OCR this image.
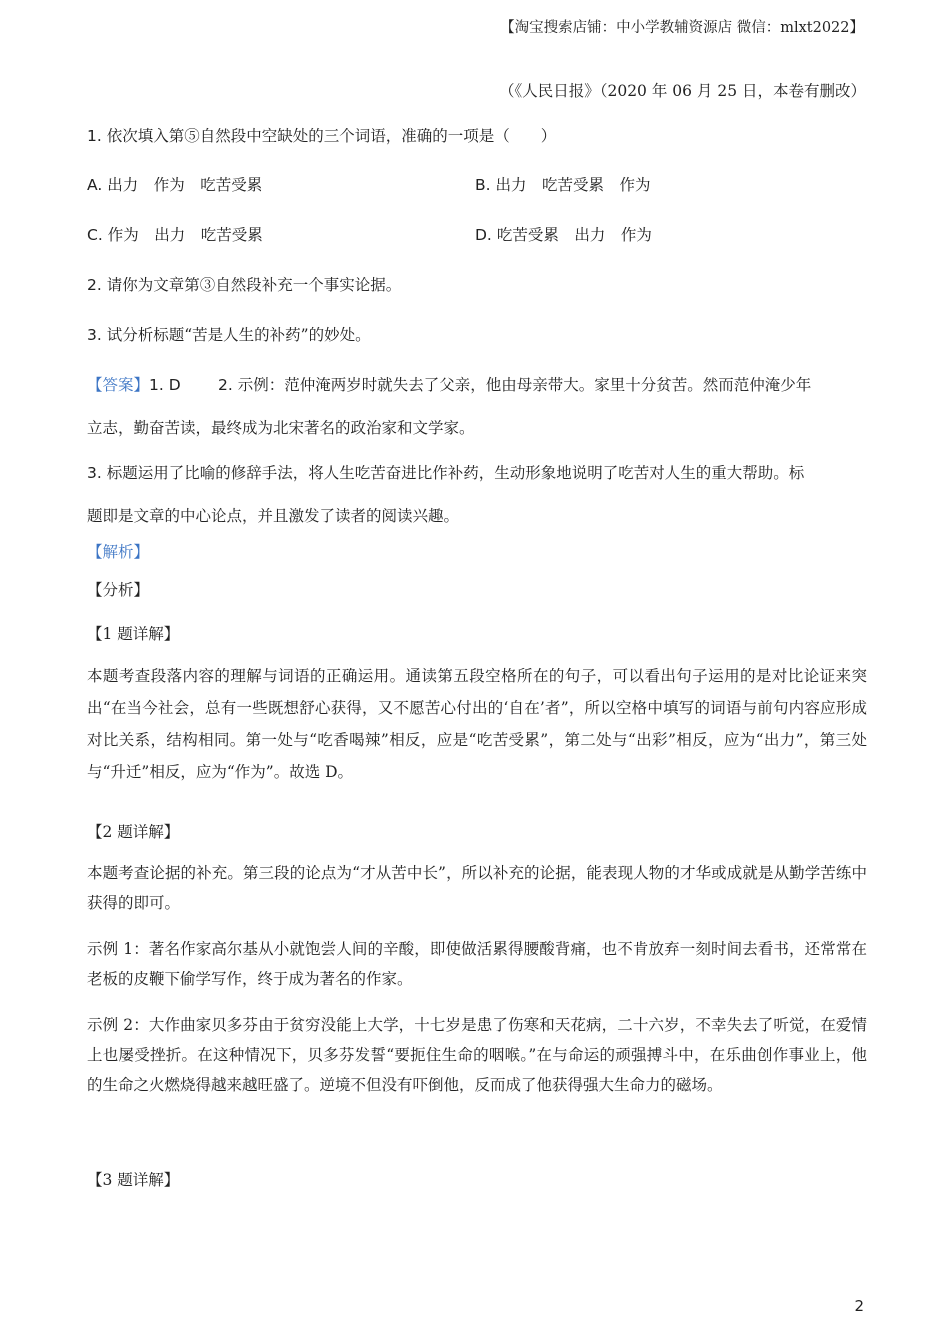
【淘宝搜索店铺：中小学教辅资源店 微信：mlxt2022】
（《人民日报》（2020 年 06 月 25 日，本卷有删改）
1. 依次填入第⑤自然段中空缺处的三个词语，准确的一项是（　　）
A. 出力　作为　吃苦受累	B. 出力　吃苦受累　作为
C. 作为　出力　吃苦受累	D. 吃苦受累　出力　作为
2. 请你为文章第③自然段补充一个事实论据。
3. 试分析标题“苦是人生的补药”的妙处。
【答案】1. D 2. 示例：范仲淹两岁时就失去了父亲，他由母亲带大。家里十分贫苦。然而范仲淹少年
立志，勤奋苦读，最终成为北宋著名的政治家和文学家。
3. 标题运用了比喻的修辞手法，将人生吃苦奋进比作补药，生动形象地说明了吃苦对人生的重大帮助。标
题即是文章的中心论点，并且激发了读者的阅读兴趣。
【解析】
【分析】
【1 题详解】
本题考查段落内容的理解与词语的正确运用。通读第五段空格所在的句子，可以看出句子运用的是对比论证来突出“在当今社会，总有一些既想舒心获得，又不愿苦心付出的‘自在’者”，所以空格中填写的词语与前句内容应形成对比关系，结构相同。第一处与“吃香喝辣”相反，应是“吃苦受累”，第二处与“出彩”相反，应为“出力”，第三处与“升迁”相反，应为“作为”。故选 D。
【2 题详解】
本题考查论据的补充。第三段的论点为“才从苦中长”，所以补充的论据，能表现人物的才华或成就是从勤学苦练中获得的即可。
示例 1：著名作家高尔基从小就饱尝人间的辛酸，即使做活累得腰酸背痛，也不肯放弃一刻时间去看书，还常常在老板的皮鞭下偷学写作，终于成为著名的作家。
示例 2：大作曲家贝多芬由于贫穷没能上大学，十七岁是患了伤寒和天花病，二十六岁，不幸失去了听觉，在爱情上也屡受挫折。在这种情况下，贝多芬发誓“要扼住生命的咽喉。”在与命运的顽强搏斗中，在乐曲创作事业上，他的生命之火燃烧得越来越旺盛了。逆境不但没有吓倒他，反而成了他获得强大生命力的磁场。
【3 题详解】
2
